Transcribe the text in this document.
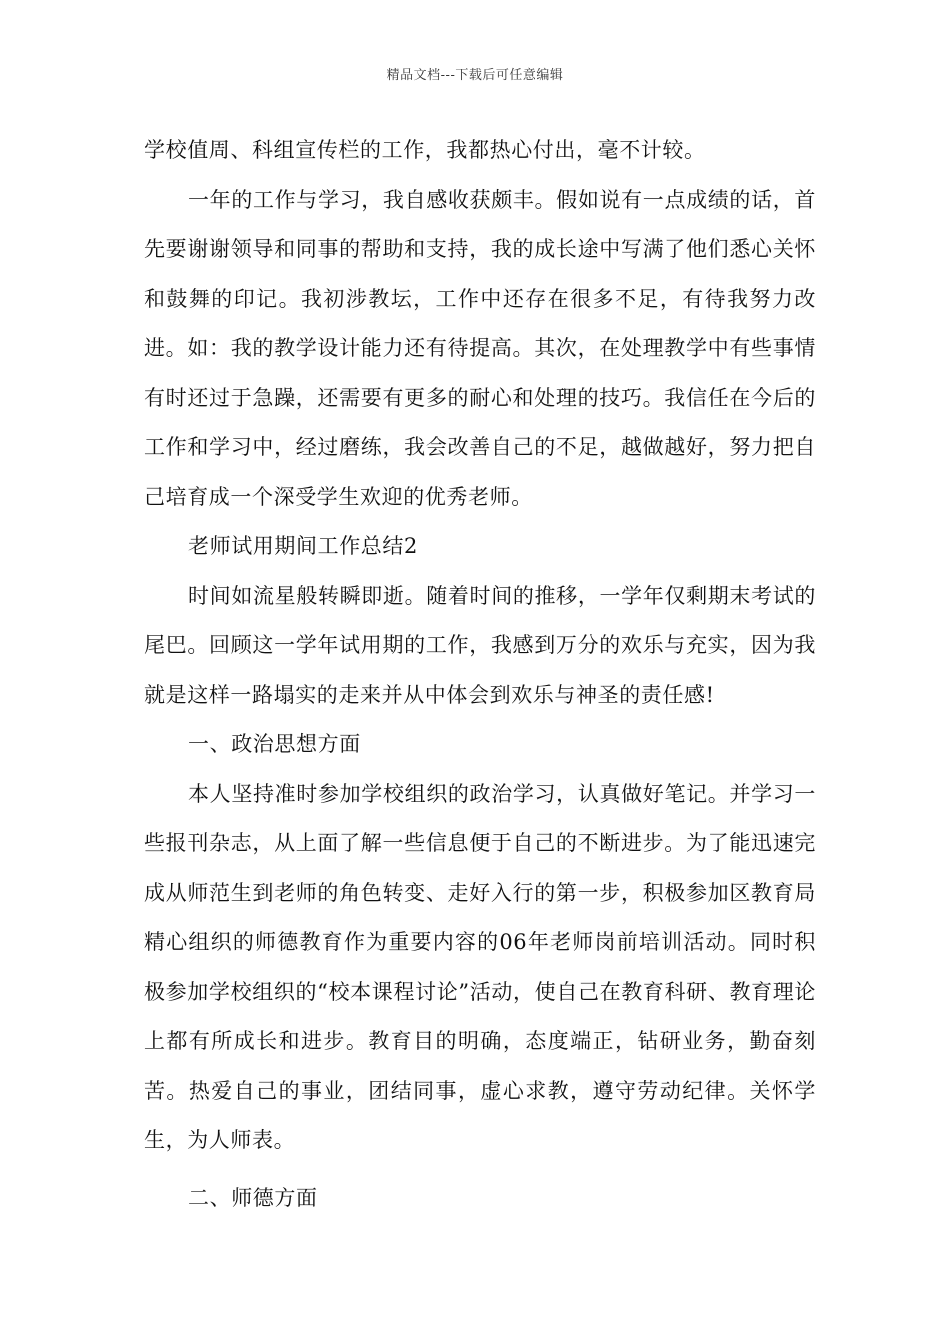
精品文档---下载后可任意编辑

学校值周、科组宣传栏的工作，我都热心付出，毫不计较。

一年的工作与学习，我自感收获颇丰。假如说有一点成绩的话，首先要谢谢领导和同事的帮助和支持，我的成长途中写满了他们悉心关怀和鼓舞的印记。我初涉教坛，工作中还存在很多不足，有待我努力改进。如：我的教学设计能力还有待提高。其次，在处理教学中有些事情有时还过于急躁，还需要有更多的耐心和处理的技巧。我信任在今后的工作和学习中，经过磨练，我会改善自己的不足，越做越好，努力把自己培育成一个深受学生欢迎的优秀老师。

老师试用期间工作总结2

时间如流星般转瞬即逝。随着时间的推移，一学年仅剩期末考试的尾巴。回顾这一学年试用期的工作，我感到万分的欢乐与充实，因为我就是这样一路塌实的走来并从中体会到欢乐与神圣的责任感!

一、政治思想方面

本人坚持准时参加学校组织的政治学习，认真做好笔记。并学习一些报刊杂志，从上面了解一些信息便于自己的不断进步。为了能迅速完成从师范生到老师的角色转变、走好入行的第一步，积极参加区教育局精心组织的师德教育作为重要内容的06年老师岗前培训活动。同时积极参加学校组织的“校本课程讨论”活动，使自己在教育科研、教育理论上都有所成长和进步。教育目的明确，态度端正，钻研业务，勤奋刻苦。热爱自己的事业，团结同事，虚心求教，遵守劳动纪律。关怀学生，为人师表。

二、师德方面
